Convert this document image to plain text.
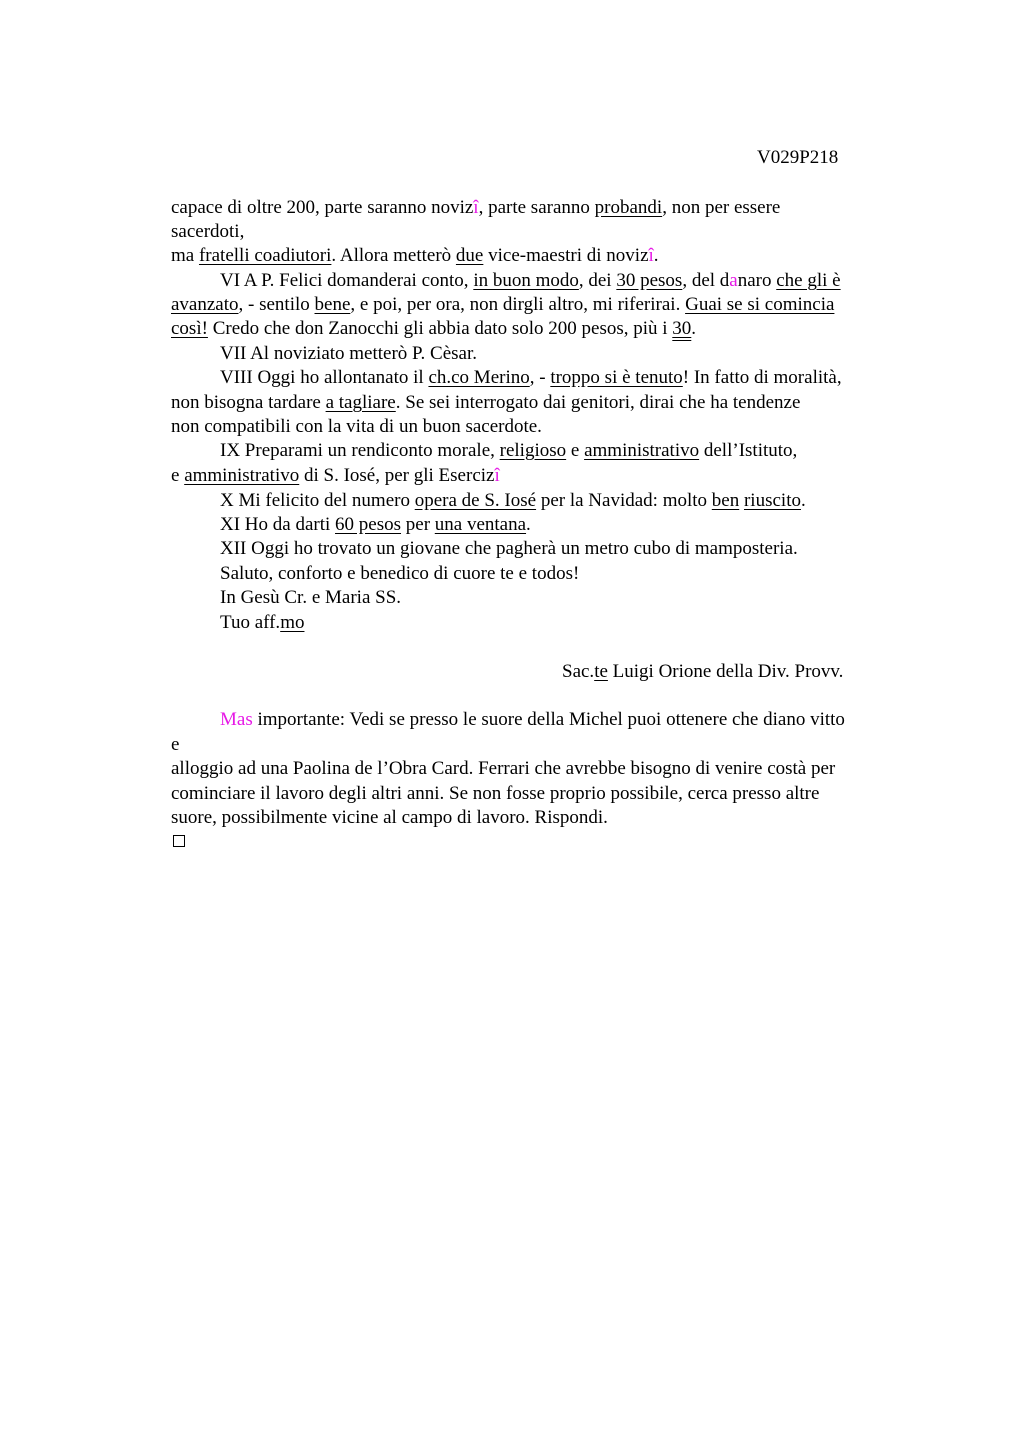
V029P218
capace di oltre 200, parte saranno novizî, parte saranno probandi, non per essere
sacerdoti,
ma fratelli coadiutori. Allora metterò due vice-maestri di novizî.
VI A P. Felici domanderai conto, in buon modo, dei 30 pesos, del danaro che gli è
avanzato, - sentilo bene, e poi, per ora, non dirgli altro, mi riferirai. Guai se si comincia
così! Credo che don Zanocchi gli abbia dato solo 200 pesos, più i 30.
VII Al noviziato metterò P. Cèsar.
VIII Oggi ho allontanato il ch.co Merino, - troppo si è tenuto! In fatto di moralità,
non bisogna tardare a tagliare. Se sei interrogato dai genitori, dirai che ha tendenze
non compatibili con la vita di un buon sacerdote.
IX Preparami un rendiconto morale, religioso e amministrativo dell’Istituto,
e amministrativo di S. Iosé, per gli Esercizî
X Mi felicito del numero opera de S. Iosé per la Navidad: molto ben riuscito.
XI Ho da darti 60 pesos per una ventana.
XII Oggi ho trovato un giovane che pagherà un metro cubo di mamposteria.
Saluto, conforto e benedico di cuore te e todos!
In Gesù Cr. e Maria SS.
Tuo aff.mo
Sac.te Luigi Orione della Div. Provv.
Mas importante: Vedi se presso le suore della Michel puoi ottenere che diano vitto
e
alloggio ad una Paolina de l’Obra Card. Ferrari che avrebbe bisogno di venire costà per
cominciare il lavoro degli altri anni. Se non fosse proprio possibile, cerca presso altre
suore, possibilmente vicine al campo di lavoro. Rispondi.
